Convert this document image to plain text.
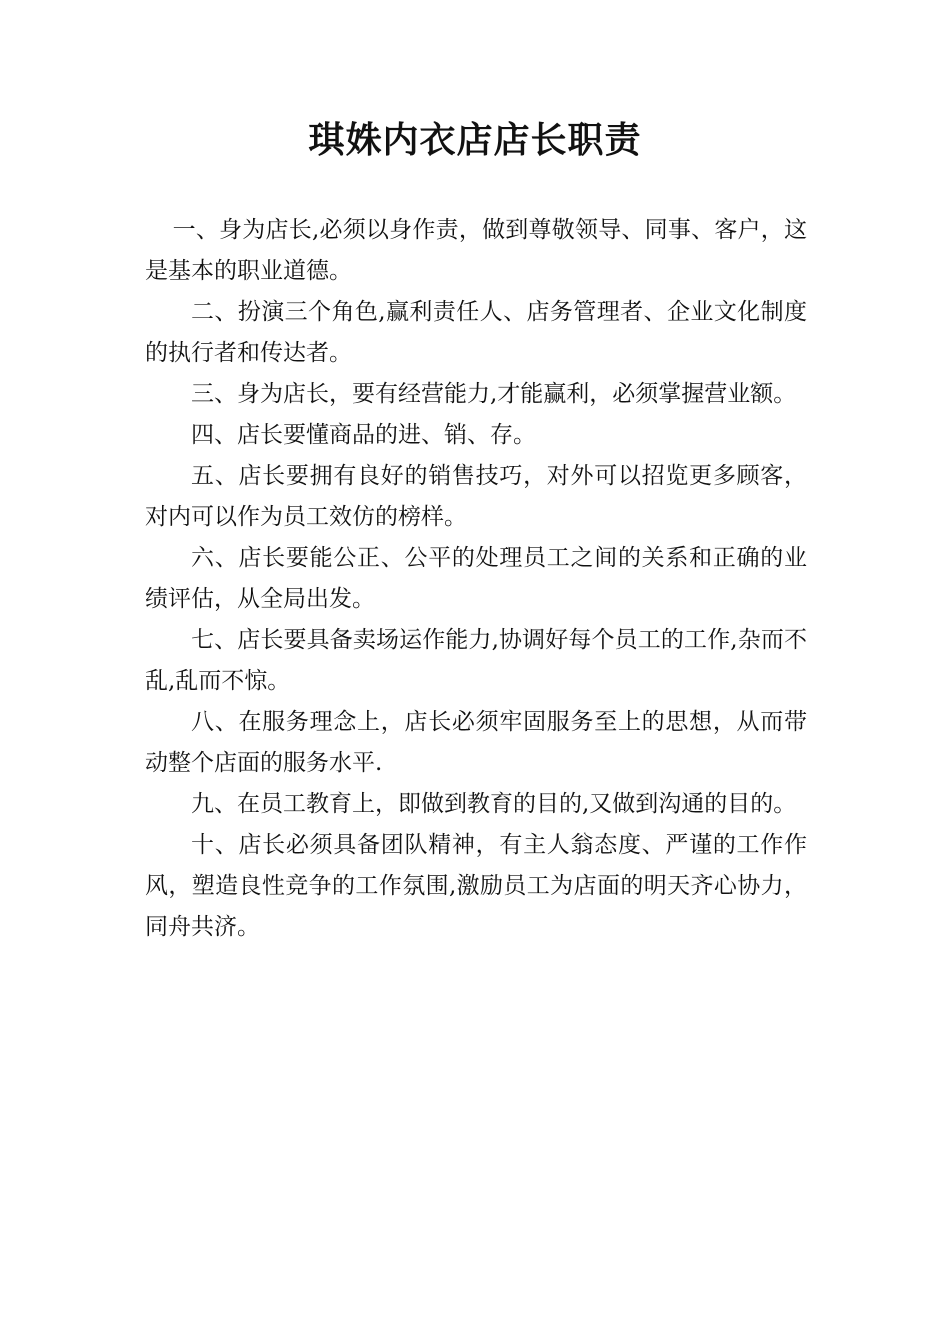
琪姝内衣店店长职责

一、身为店长,必须以身作责，做到尊敬领导、同事、客户，这是基本的职业道德。

二、扮演三个角色,赢利责任人、店务管理者、企业文化制度的执行者和传达者。

三、身为店长，要有经营能力,才能赢利，必须掌握营业额。

四、店长要懂商品的进、销、存。

五、店长要拥有良好的销售技巧，对外可以招览更多顾客，对内可以作为员工效仿的榜样。

六、店长要能公正、公平的处理员工之间的关系和正确的业绩评估，从全局出发。

七、店长要具备卖场运作能力,协调好每个员工的工作,杂而不乱,乱而不惊。

八、在服务理念上，店长必须牢固服务至上的思想，从而带动整个店面的服务水平.

九、在员工教育上，即做到教育的目的,又做到沟通的目的。

十、店长必须具备团队精神，有主人翁态度、严谨的工作作风，塑造良性竞争的工作氛围,激励员工为店面的明天齐心协力，同舟共济。
